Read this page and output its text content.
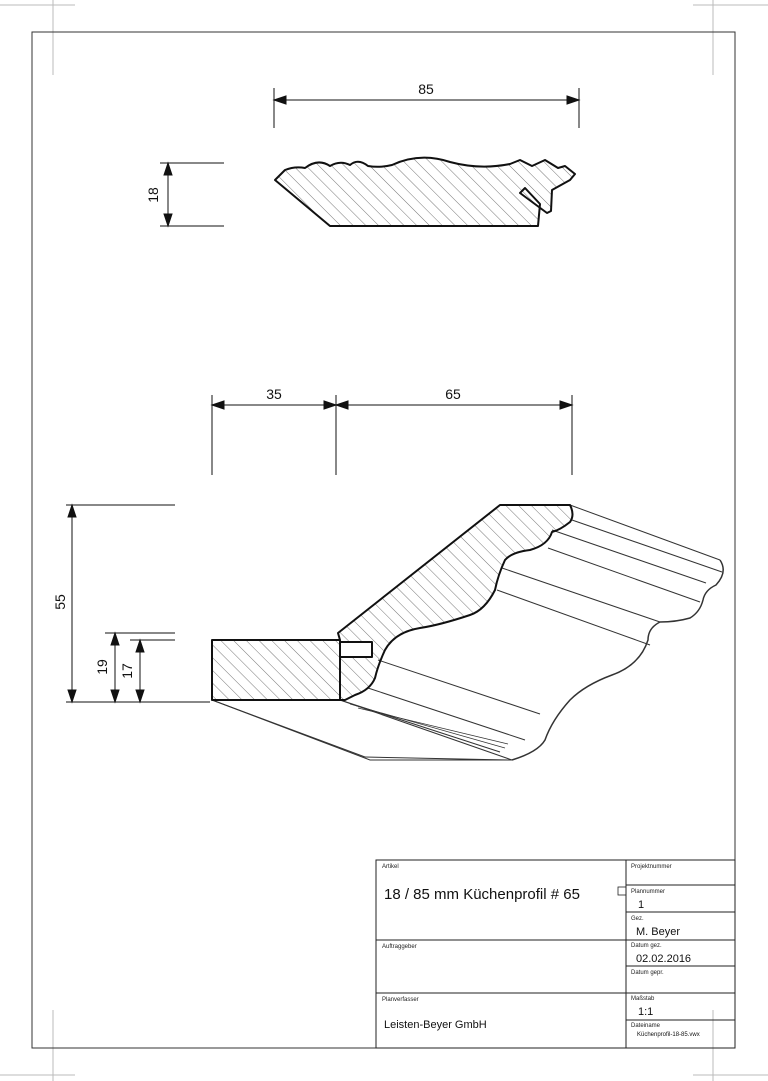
85
18
35	65
55
19 17
Artikel
18 / 85 mm Küchenprofil # 65
Projektnummer
Plannummer
1
Gez.
M. Beyer
Auftraggeber	Datum gez.
02.02.2016
Datum gepr.
Planverfasser
Leisten-Beyer GmbH
Maßstab
1:1
Dateiname
Küchenprofil-18-85.vwx
